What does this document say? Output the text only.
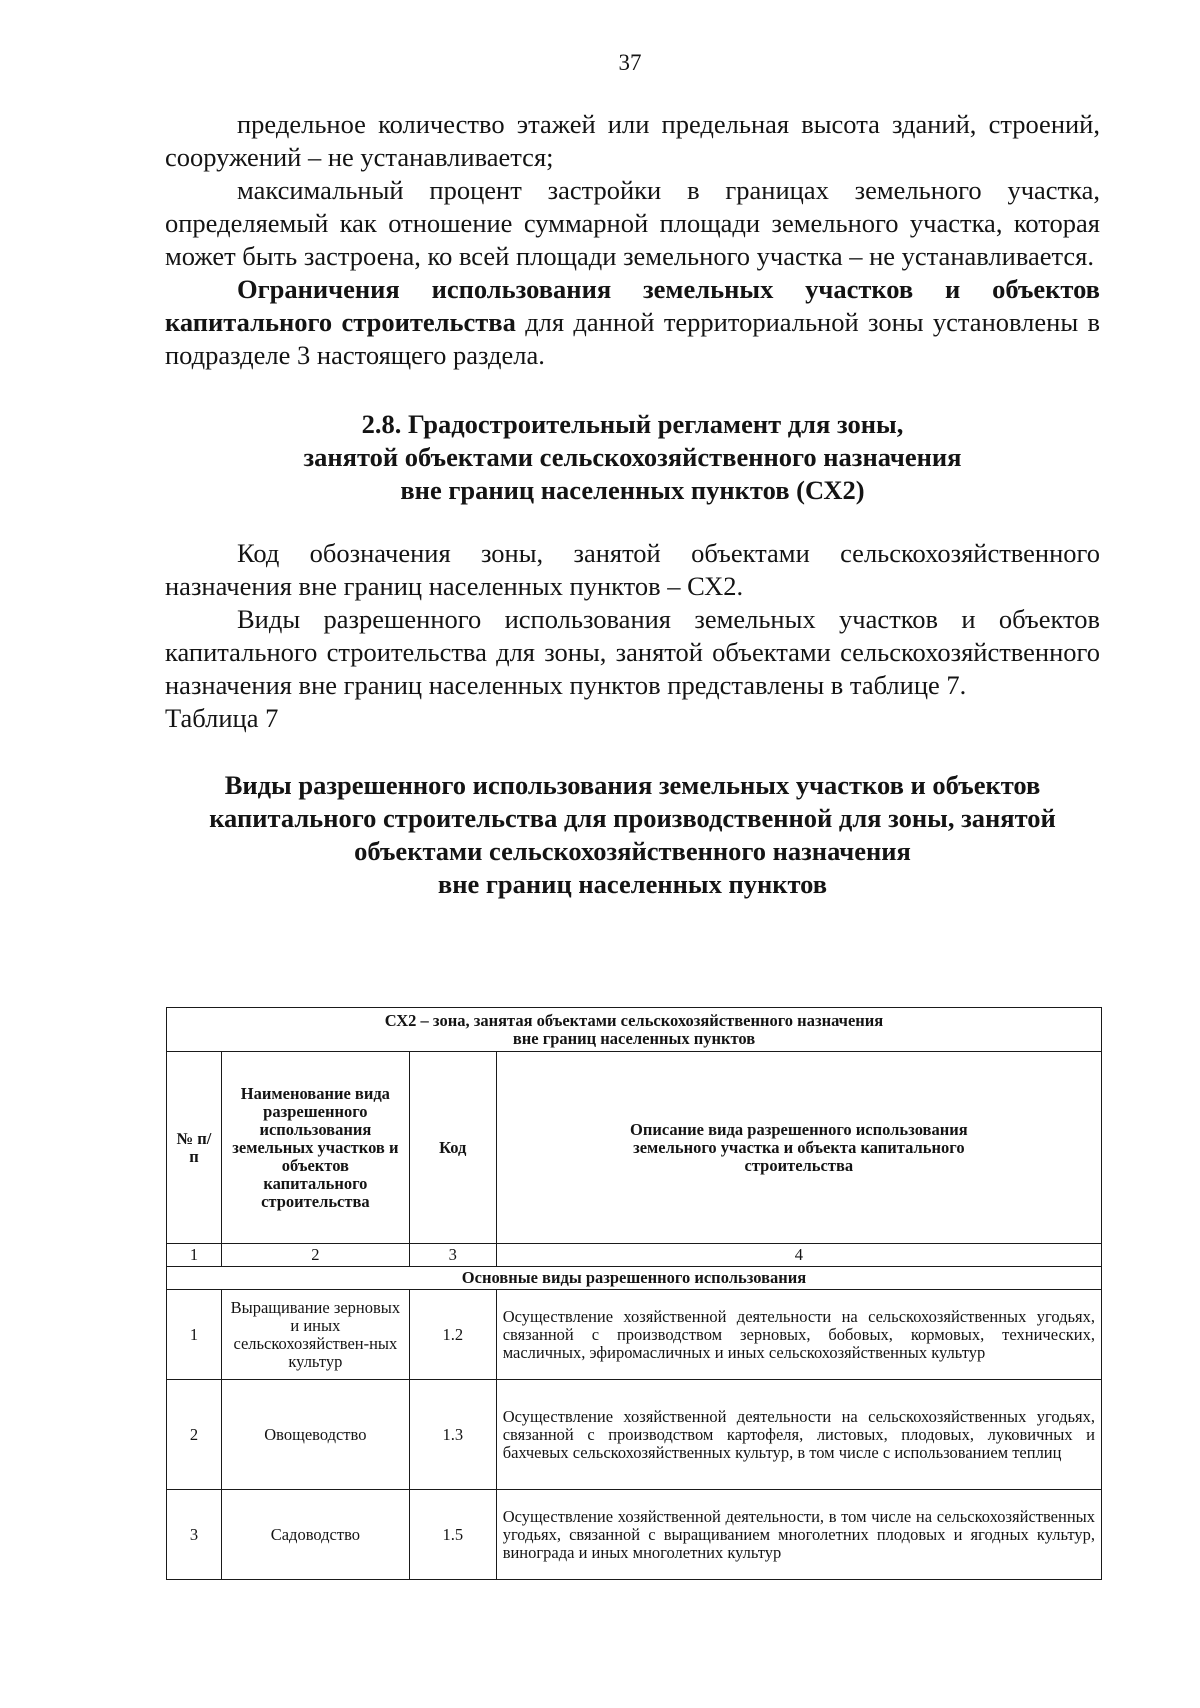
37

предельное количество этажей или предельная высота зданий, строений, сооружений – не устанавливается;

максимальный процент застройки в границах земельного участка, определяемый как отношение суммарной площади земельного участка, которая может быть застроена, ко всей площади земельного участка – не устанавливается.

Ограничения использования земельных участков и объектов капитального строительства для данной территориальной зоны установлены в подразделе 3 настоящего раздела.

2.8. Градостроительный регламент для зоны,
занятой объектами сельскохозяйственного назначения
вне границ населенных пунктов (СХ2)

Код обозначения зоны, занятой объектами сельскохозяйственного назначения вне границ населенных пунктов – СХ2.

Виды разрешенного использования земельных участков и объектов капитального строительства для зоны, занятой объектами сельскохозяйственного назначения вне границ населенных пунктов представлены в таблице 7.

Таблица 7

Виды разрешенного использования земельных участков и объектов
капитального строительства для производственной для зоны, занятой
объектами сельскохозяйственного назначения
вне границ населенных пунктов
СХ2 – зона, занятая объектами сельскохозяйственного назначения
вне границ населенных пунктов			

№ п/п	Наименование вида разрешенного использования земельных участков и объектов капитального строительства	Код	Описание вида разрешенного использования земельного участка и объекта капитального строительства
1	2	3	4
Основные виды разрешенного использования			
1	Выращивание зерновых и иных сельскохозяйствен-ных культур	1.2	Осуществление хозяйственной деятельности на сельскохозяйственных угодьях, связанной с производством зерновых, бобовых, кормовых, технических, масличных, эфиромасличных и иных сельскохозяйственных культур
2	Овощеводство	1.3	Осуществление хозяйственной деятельности на сельскохозяйственных угодьях, связанной с производством картофеля, листовых, плодовых, луковичных и бахчевых сельскохозяйственных культур, в том числе с использованием теплиц
3	Садоводство	1.5	Осуществление хозяйственной деятельности, в том числе на сельскохозяйственных угодьях, связанной с выращиванием многолетних плодовых и ягодных культур, винограда и иных многолетних культур
